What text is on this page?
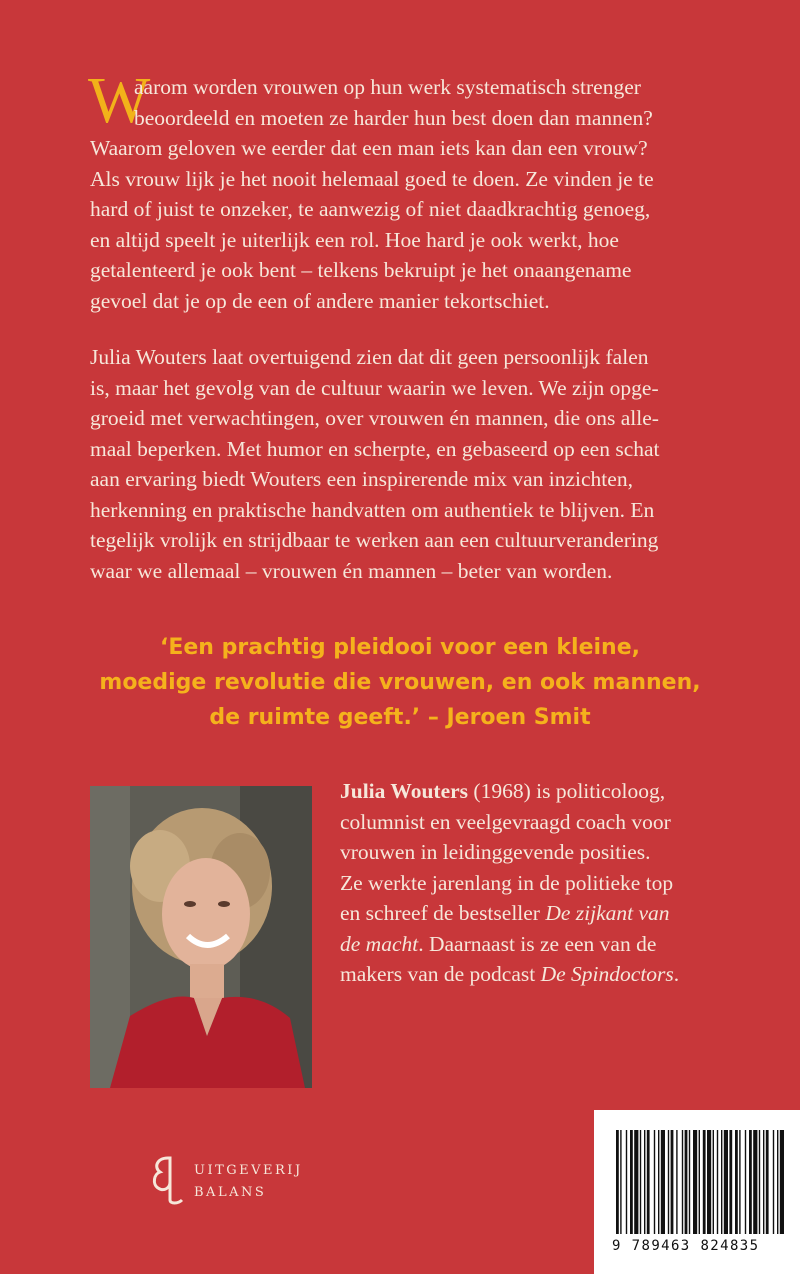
W

aarom worden vrouwen op hun werk systematisch strenger
beoordeeld en moeten ze harder hun best doen dan mannen?
Waarom geloven we eerder dat een man iets kan dan een vrouw?
Als vrouw lijk je het nooit helemaal goed te doen. Ze vinden je te
hard of juist te onzeker, te aanwezig of niet daadkrachtig genoeg,
en altijd speelt je uiterlijk een rol. Hoe hard je ook werkt, hoe
getalenteerd je ook bent – telkens bekruipt je het onaangename
gevoel dat je op de een of andere manier tekortschiet.

Julia Wouters laat overtuigend zien dat dit geen persoonlijk falen
is, maar het gevolg van de cultuur waarin we leven. We zijn opge-
groeid met verwachtingen, over vrouwen én mannen, die ons alle-
maal beperken. Met humor en scherpte, en gebaseerd op een schat
aan ervaring biedt Wouters een inspirerende mix van inzichten,
herkenning en praktische handvatten om authentiek te blijven. En
tegelijk vrolijk en strijdbaar te werken aan een cultuurverandering
waar we allemaal – vrouwen én mannen – beter van worden.

‘Een prachtig pleidooi voor een kleine,
moedige revolutie die vrouwen, en ook mannen,
de ruimte geeft.’ – Jeroen Smit
Julia Wouters (1968) is politicoloog,
columnist en veelgevraagd coach voor
vrouwen in leidinggevende posities.
Ze werkte jarenlang in de politieke top
en schreef de bestseller De zijkant van
de macht. Daarnaast is ze een van de
makers van de podcast De Spindoctors.
UITGEVERIJ
BALANS
9 789463 824835
